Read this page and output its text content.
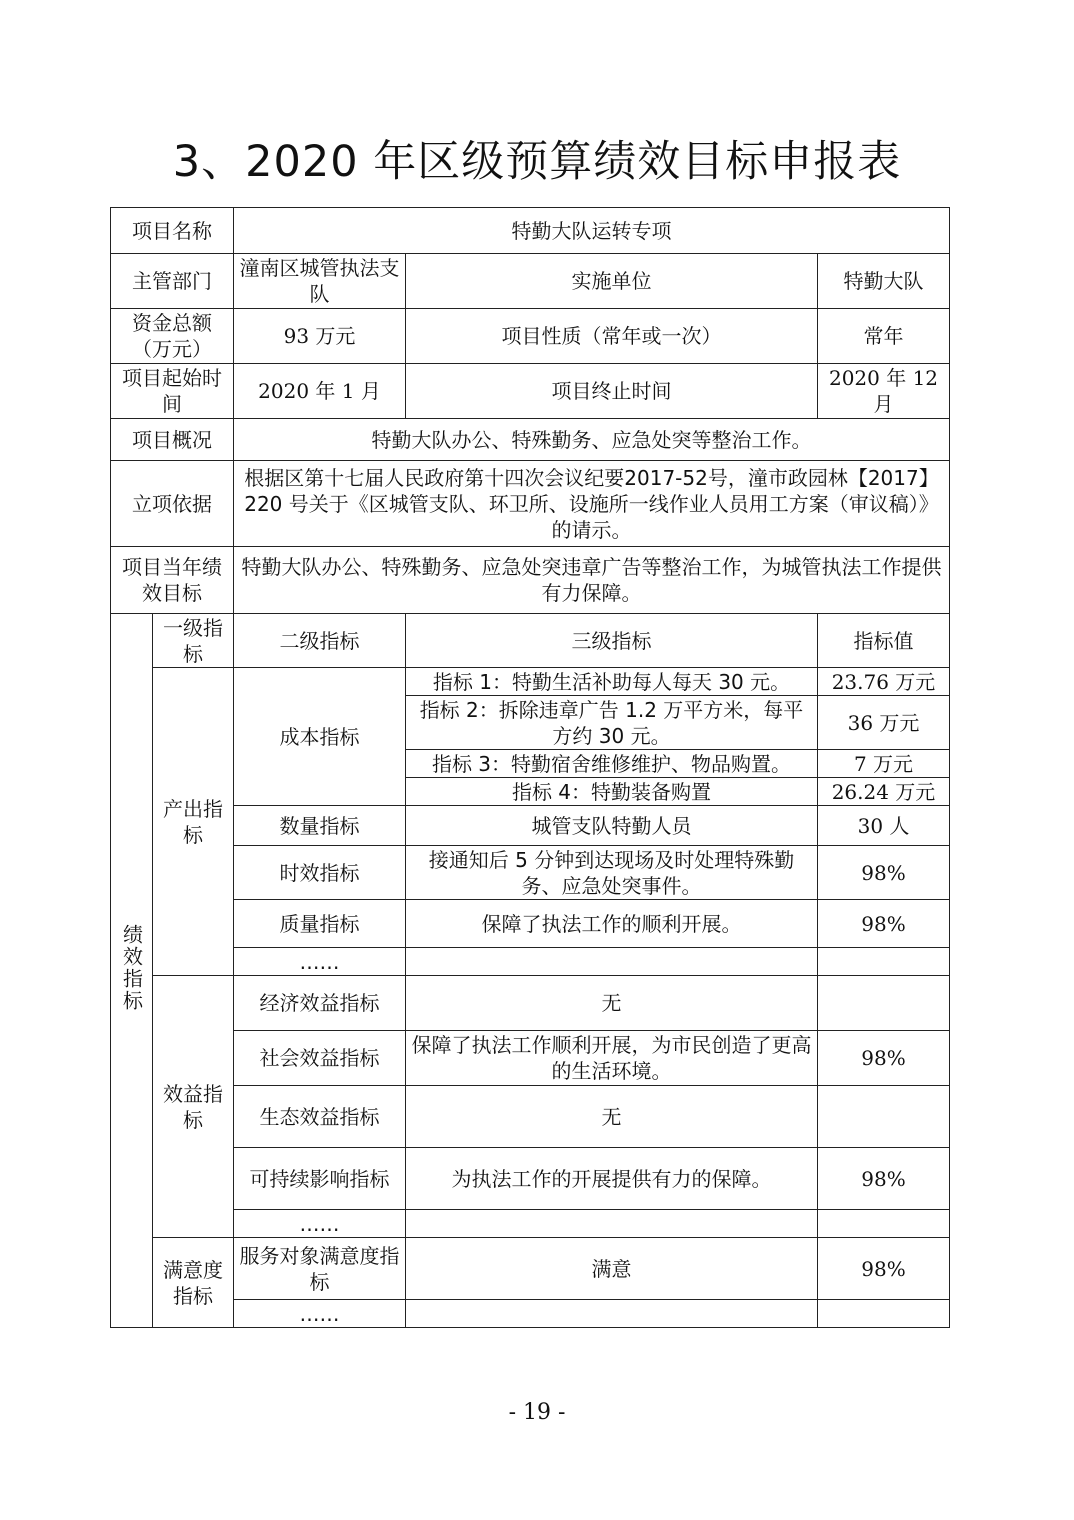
3、2020 年区级预算绩效目标申报表
项目名称		特勤大队运转专项		
主管部门		潼南区城管执法支队	实施单位	特勤大队
资金总额（万元）		93 万元	项目性质（常年或一次）	常年
项目起始时间		2020 年 1 月	项目终止时间	2020 年 12 月
项目概况		特勤大队办公、特殊勤务、应急处突等整治工作。		
立项依据		根据区第十七届人民政府第十四次会议纪要2017-52号，潼市政园林【2017】220 号关于《区城管支队、环卫所、设施所一线作业人员用工方案（审议稿）》的请示。		
项目当年绩效目标		特勤大队办公、特殊勤务、应急处突违章广告等整治工作，为城管执法工作提供有力保障。		
绩效指标	一级指标	二级指标	三级指标	指标值
	产出指标	成本指标	指标 1：特勤生活补助每人每天 30 元。	23.76 万元
			指标 2：拆除违章广告 1.2 万平方米，每平方约 30 元。	36 万元
			指标 3：特勤宿舍维修维护、物品购置。	7 万元
			指标 4：特勤装备购置	26.24 万元
		数量指标	城管支队特勤人员	30 人
		时效指标	接通知后 5 分钟到达现场及时处理特殊勤务、应急处突事件。	98%
		质量指标	保障了执法工作的顺利开展。	98%
		……		
	效益指标	经济效益指标	无	
		社会效益指标	保障了执法工作顺利开展，为市民创造了更高的生活环境。	98%
		生态效益指标	无	
		可持续影响指标	为执法工作的开展提供有力的保障。	98%
		……		
	满意度指标	服务对象满意度指标	满意	98%
		……		
- 19 -
